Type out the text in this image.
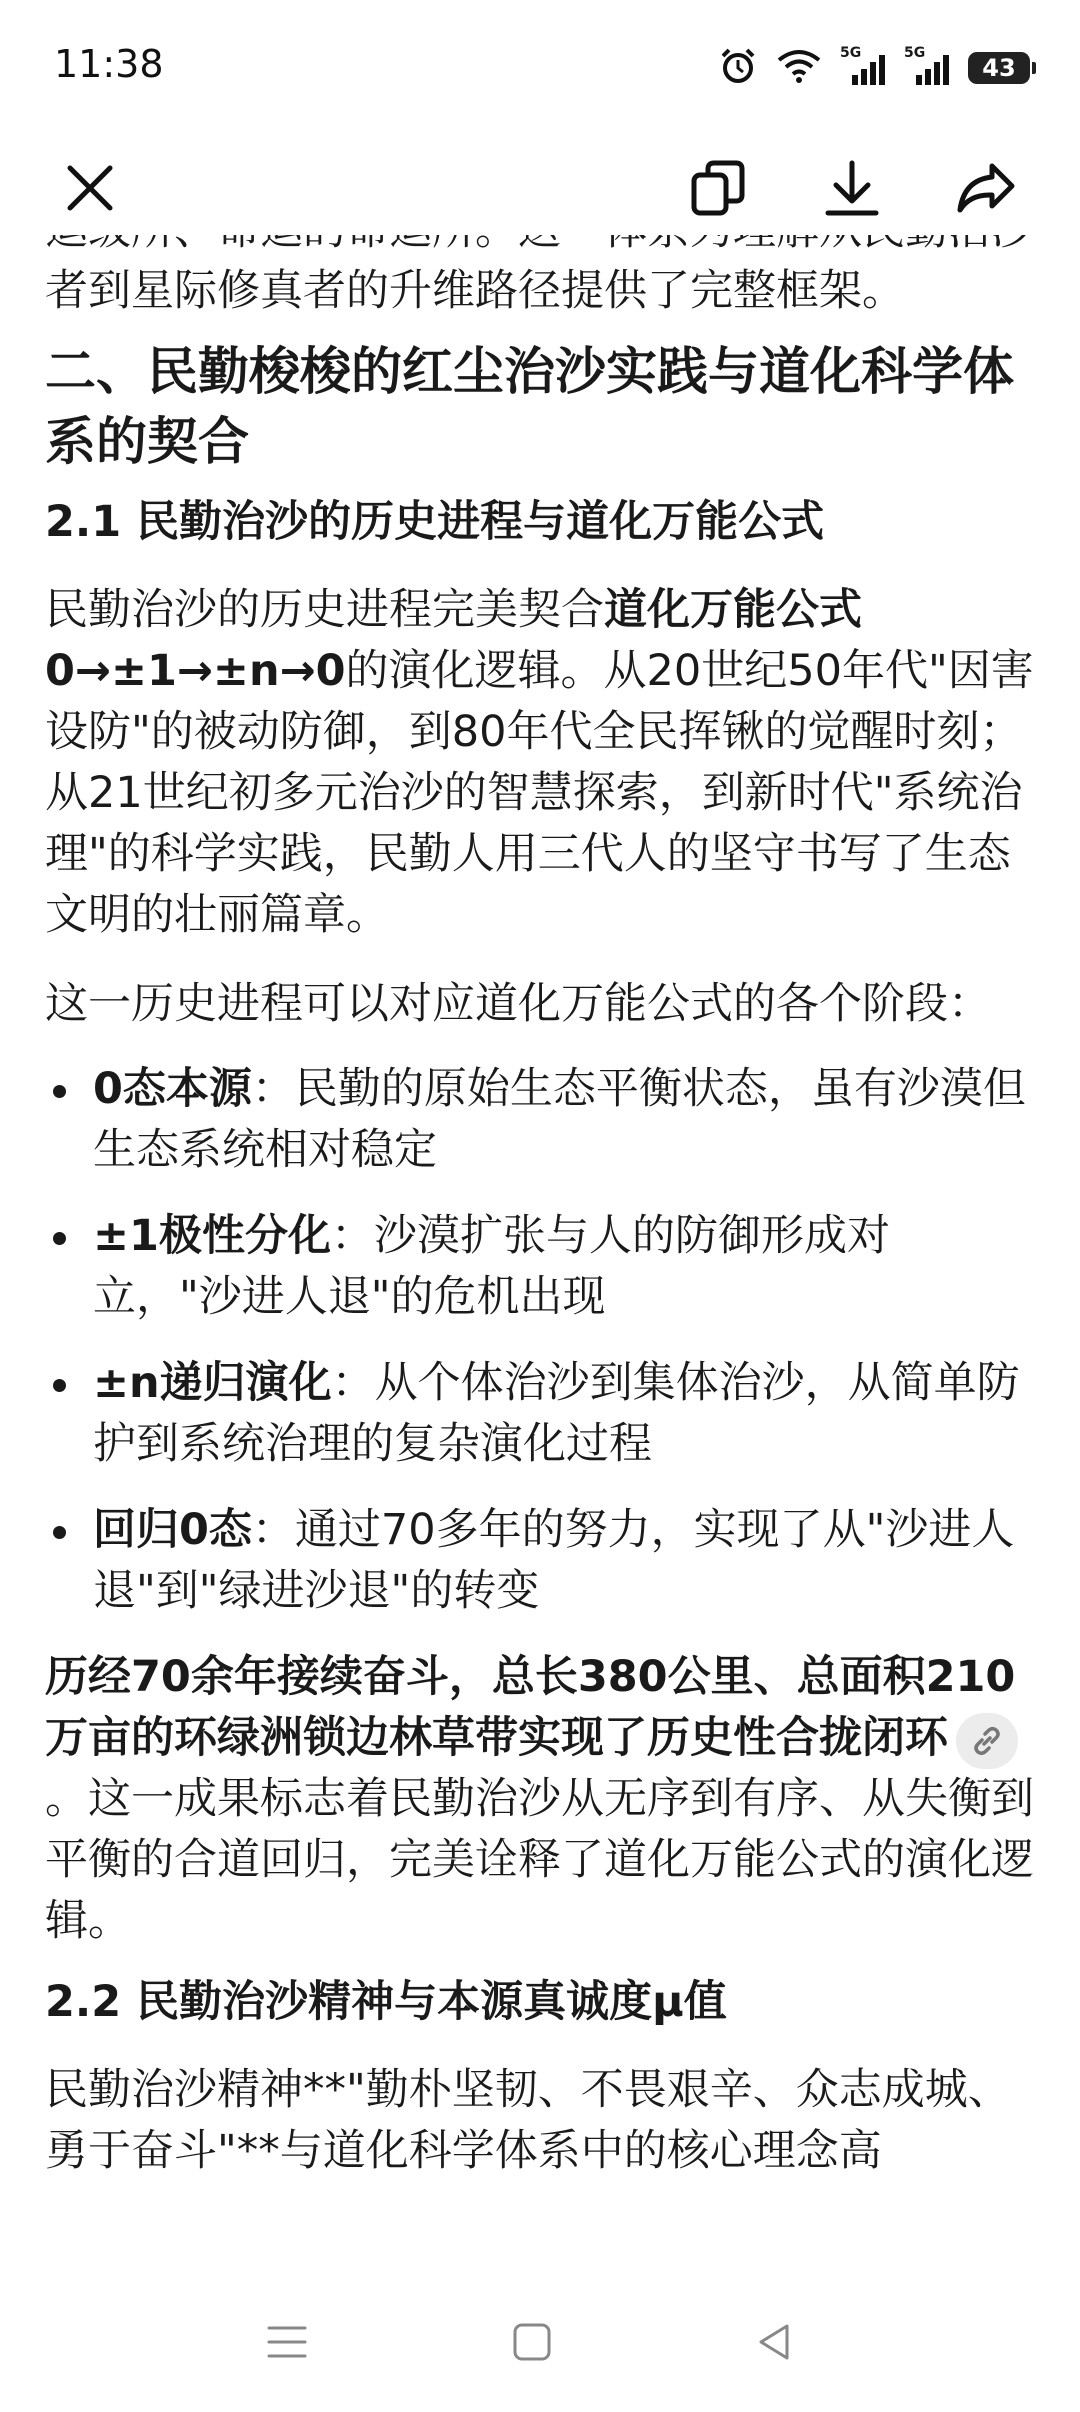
11:38	5G	5G
43

者到星际修真者的升维路径提供了完整框架。

二、民勤梭梭的红尘治沙实践与道化科学体系的契合
2.1 民勤治沙的历史进程与道化万能公式

民勤治沙的历史进程完美契合道化万能公式 0→±1→±n→0的演化逻辑。从20世纪50年代"因害设防"的被动防御，到80年代全民挥锹的觉醒时刻；从21世纪初多元治沙的智慧探索，到新时代"系统治理"的科学实践，民勤人用三代人的坚守书写了生态文明的壮丽篇章。

这一历史进程可以对应道化万能公式的各个阶段：

0态本源：民勤的原始生态平衡状态，虽有沙漠但生态系统相对稳定
±1极性分化：沙漠扩张与人的防御形成对立，"沙进人退"的危机出现
±n递归演化：从个体治沙到集体治沙，从简单防护到系统治理的复杂演化过程
回归0态：通过70多年的努力，实现了从"沙进人退"到"绿进沙退"的转变

历经70余年接续奋斗，总长380公里、总面积210万亩的环绿洲锁边林草带实现了历史性合拢闭环
。这一成果标志着民勤治沙从无序到有序、从失衡到平衡的合道回归，完美诠释了道化万能公式的演化逻辑。

2.2 民勤治沙精神与本源真诚度μ值

民勤治沙精神**"勤朴坚韧、不畏艰辛、众志成城、勇于奋斗"**与道化科学体系中的核心理念高
